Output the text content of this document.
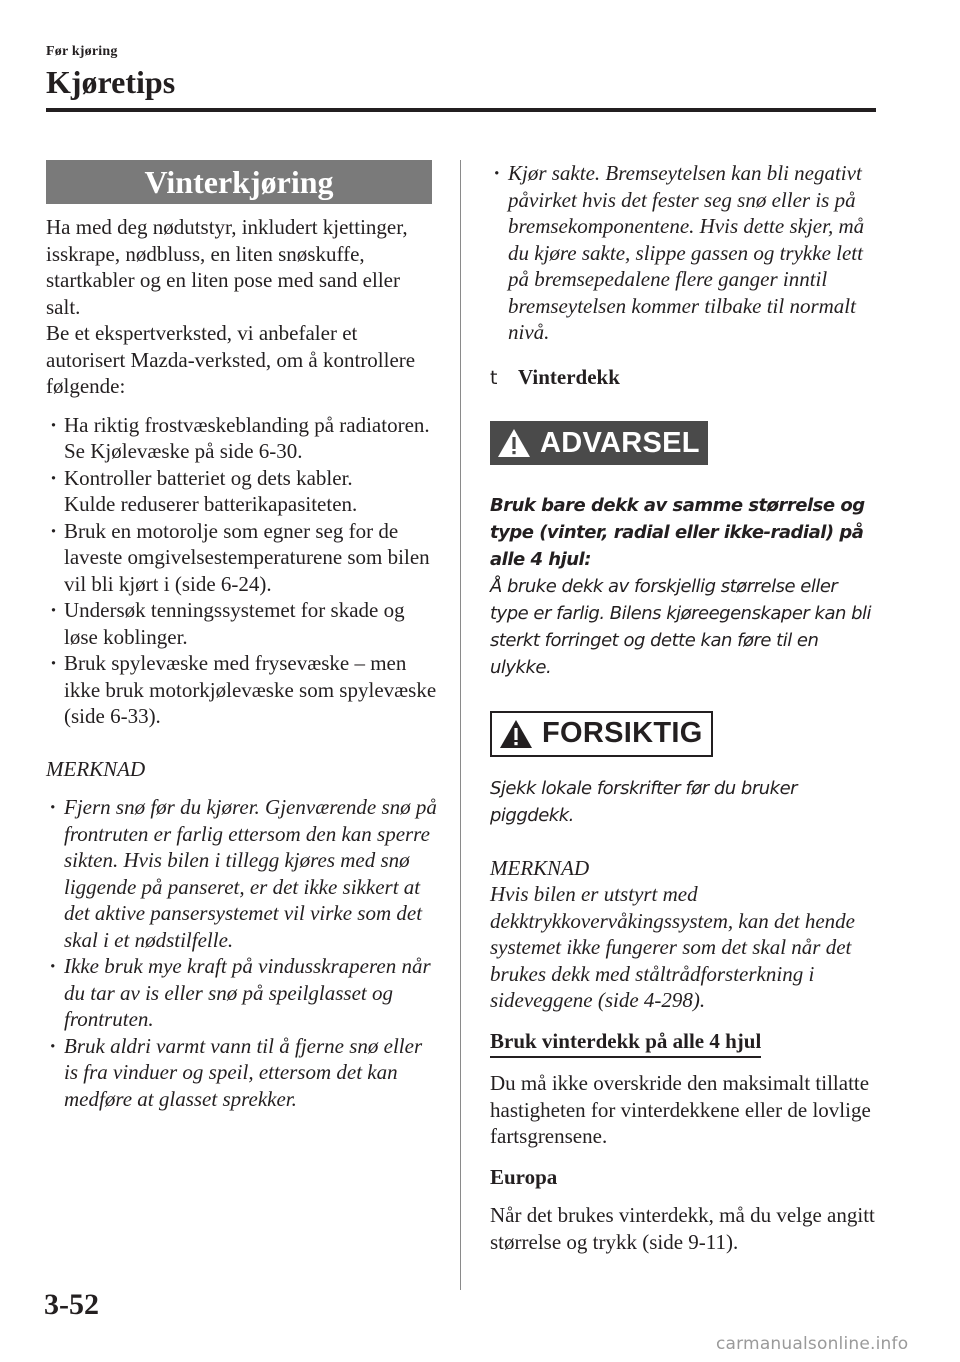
Før kjøring
Kjøretips
Vinterkjøring

Ha med deg nødutstyr, inkludert kjettinger, isskrape, nødbluss, en liten snøskuffe, startkabler og en liten pose med sand eller salt.

Be et ekspertverksted, vi anbefaler et autorisert Mazda-verksted, om å kontrollere følgende:

· Ha riktig frostvæskeblanding på radiatoren.
Se Kjølevæske på side 6-30.
· Kontroller batteriet og dets kabler.
Kulde reduserer batterikapasiteten.
· Bruk en motorolje som egner seg for de laveste omgivelsestemperaturene som bilen vil bli kjørt i (side 6-24).
· Undersøk tenningssystemet for skade og løse koblinger.
· Bruk spylevæske med frysevæske – men ikke bruk motorkjølevæske som spylevæske (side 6-33).

MERKNAD

· Fjern snø før du kjører. Gjenværende snø på frontruten er farlig ettersom den kan sperre sikten. Hvis bilen i tillegg kjøres med snø liggende på panseret, er det ikke sikkert at det aktive pansersystemet vil virke som det skal i et nødstilfelle.
· Ikke bruk mye kraft på vindusskraperen når du tar av is eller snø på speilglasset og frontruten.
· Bruk aldri varmt vann til å fjerne snø eller is fra vinduer og speil, ettersom det kan medføre at glasset sprekker.
· Kjør sakte. Bremseytelsen kan bli negativt påvirket hvis det fester seg snø eller is på bremsekomponentene. Hvis dette skjer, må du kjøre sakte, slippe gassen og trykke lett på bremsepedalene flere ganger inntil bremseytelsen kommer tilbake til normalt nivå.
t Vinterdekk
ADVARSEL

Bruk bare dekk av samme størrelse og type (vinter, radial eller ikke-radial) på alle 4 hjul:

Å bruke dekk av forskjellig størrelse eller type er farlig. Bilens kjøreegenskaper kan bli sterkt forringet og dette kan føre til en ulykke.

FORSIKTIG

Sjekk lokale forskrifter før du bruker piggdekk.

MERKNAD

Hvis bilen er utstyrt med dekktrykkovervåkingssystem, kan det hende systemet ikke fungerer som det skal når det brukes dekk med ståltrådforsterkning i sideveggene (side 4-298).

Bruk vinterdekk på alle 4 hjul

Du må ikke overskride den maksimalt tillatte hastigheten for vinterdekkene eller de lovlige fartsgrensene.

Europa

Når det brukes vinterdekk, må du velge angitt størrelse og trykk (side 9-11).

3-52
carmanualsonline.info
